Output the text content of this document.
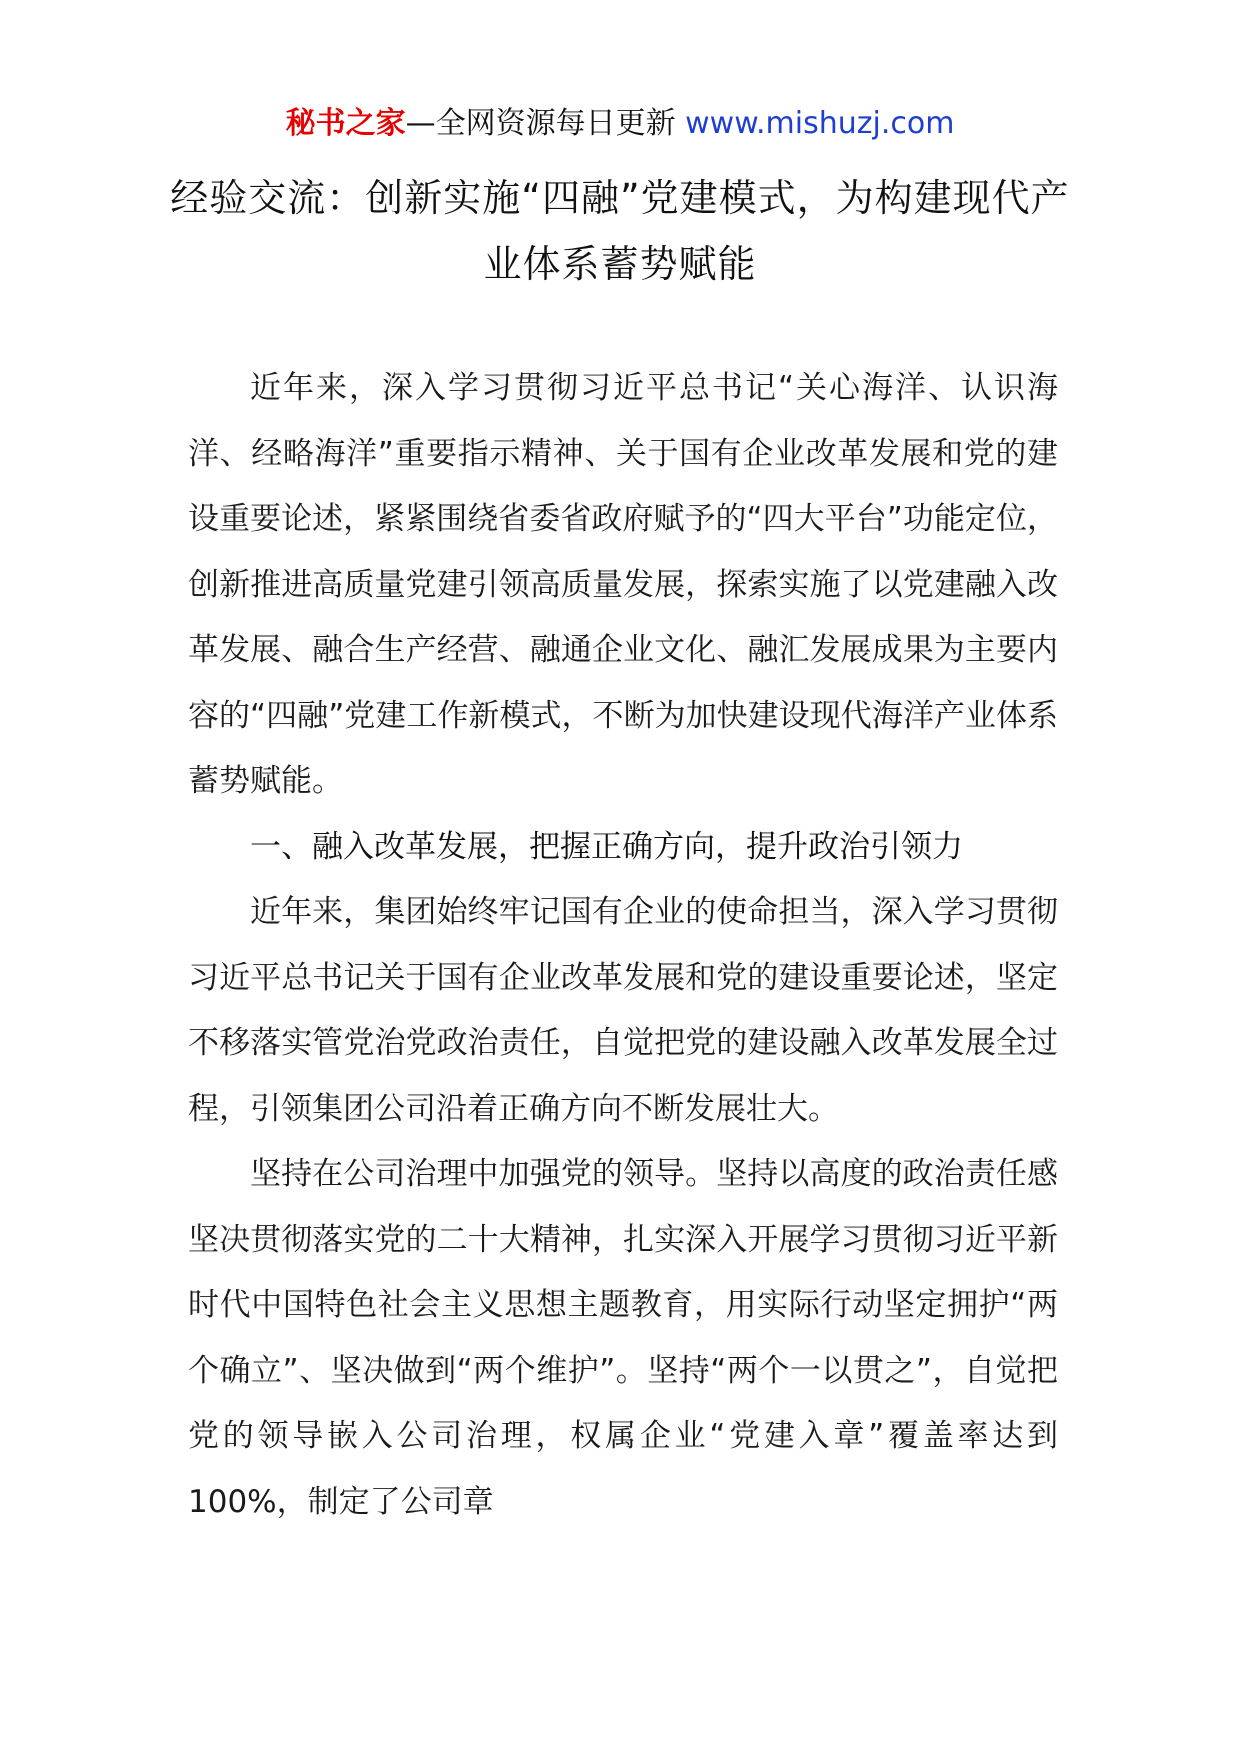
秘书之家—全网资源每日更新 www.mishuzj.com
经验交流：创新实施“四融”党建模式，为构建现代产业体系蓄势赋能

近年来，深入学习贯彻习近平总书记“关心海洋、认识海洋、经略海洋”重要指示精神、关于国有企业改革发展和党的建设重要论述，紧紧围绕省委省政府赋予的“四大平台”功能定位，创新推进高质量党建引领高质量发展，探索实施了以党建融入改革发展、融合生产经营、融通企业文化、融汇发展成果为主要内容的“四融”党建工作新模式，不断为加快建设现代海洋产业体系蓄势赋能。

一、融入改革发展，把握正确方向，提升政治引领力

近年来，集团始终牢记国有企业的使命担当，深入学习贯彻习近平总书记关于国有企业改革发展和党的建设重要论述，坚定不移落实管党治党政治责任，自觉把党的建设融入改革发展全过程，引领集团公司沿着正确方向不断发展壮大。

坚持在公司治理中加强党的领导。坚持以高度的政治责任感坚决贯彻落实党的二十大精神，扎实深入开展学习贯彻习近平新时代中国特色社会主义思想主题教育，用实际行动坚定拥护“两个确立”、坚决做到“两个维护”。坚持“两个一以贯之”，自觉把党的领导嵌入公司治理，权属企业“党建入章”覆盖率达到100%，制定了公司章
